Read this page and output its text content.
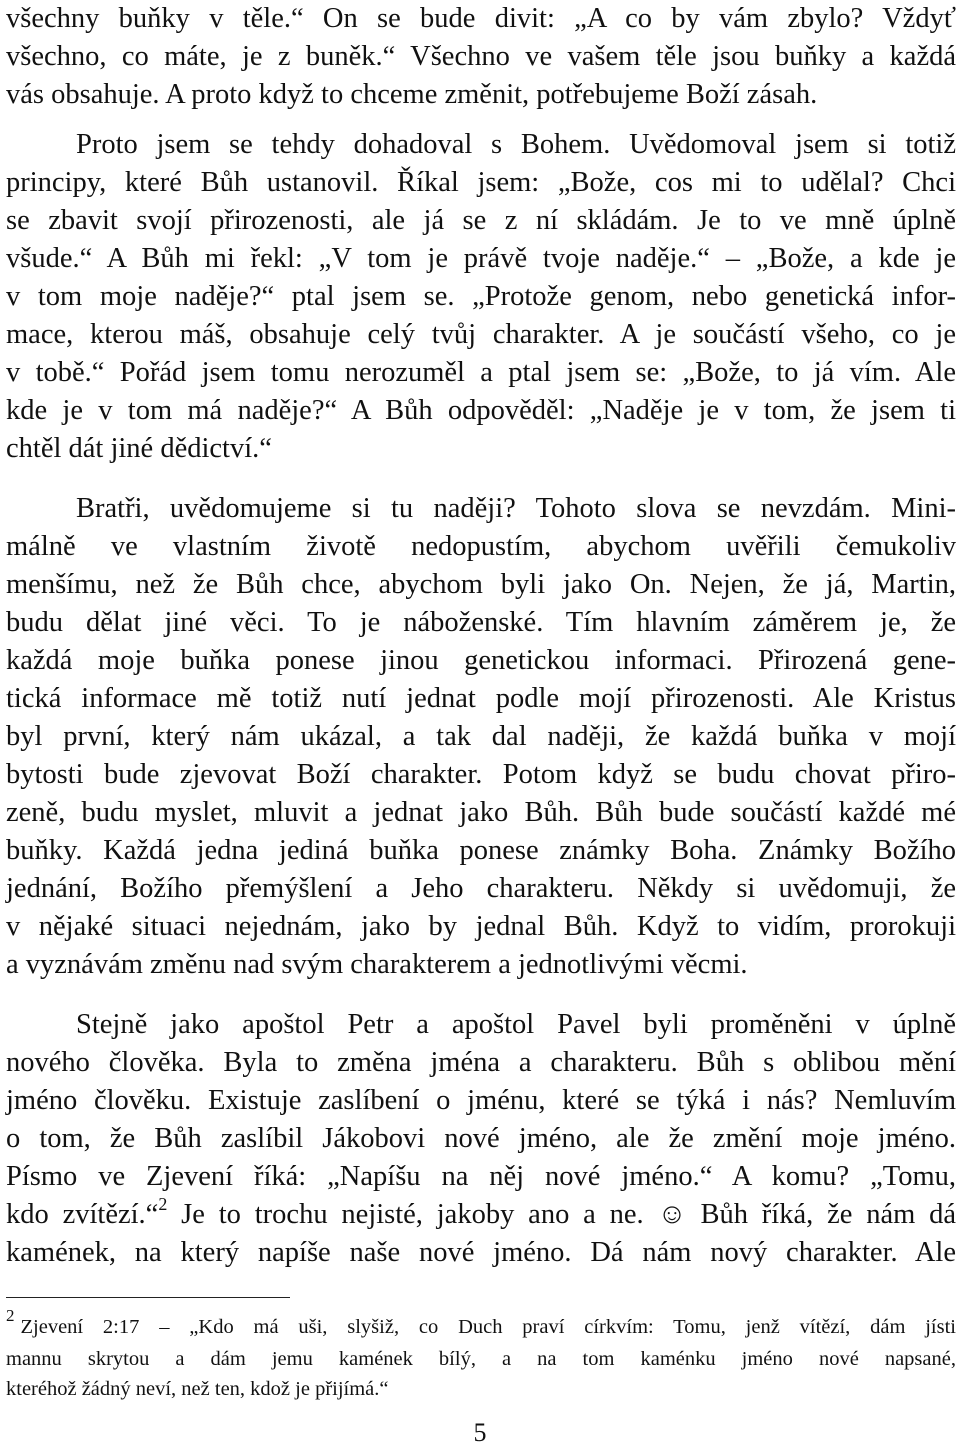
všechny buňky v těle.“ On se bude divit: „A co by vám zbylo? Vždyť
všechno, co máte, je z buněk.“ Všechno ve vašem těle jsou buňky a každá
vás obsahuje. A proto když to chceme změnit, potřebujeme Boží zásah.
Proto jsem se tehdy dohadoval s Bohem. Uvědomoval jsem si totiž
principy, které Bůh ustanovil. Říkal jsem: „Bože, cos mi to udělal? Chci
se zbavit svojí přirozenosti, ale já se z ní skládám. Je to ve mně úplně
všude.“ A Bůh mi řekl: „V tom je právě tvoje naděje.“ – „Bože, a kde je
v tom moje naděje?“ ptal jsem se. „Protože genom, nebo genetická infor-
mace, kterou máš, obsahuje celý tvůj charakter. A je součástí všeho, co je
v tobě.“ Pořád jsem tomu nerozuměl a ptal jsem se: „Bože, to já vím. Ale
kde je v tom má naděje?“ A Bůh odpověděl: „Naděje je v tom, že jsem ti
chtěl dát jiné dědictví.“
Bratři, uvědomujeme si tu naději? Tohoto slova se nevzdám. Mini-
málně ve vlastním životě nedopustím, abychom uvěřili čemukoliv
menšímu, než že Bůh chce, abychom byli jako On. Nejen, že já, Martin,
budu dělat jiné věci. To je náboženské. Tím hlavním záměrem je, že
každá moje buňka ponese jinou genetickou informaci. Přirozená gene-
tická informace mě totiž nutí jednat podle mojí přirozenosti. Ale Kristus
byl první, který nám ukázal, a tak dal naději, že každá buňka v mojí
bytosti bude zjevovat Boží charakter. Potom když se budu chovat přiro-
zeně, budu myslet, mluvit a jednat jako Bůh. Bůh bude součástí každé mé
buňky. Každá jedna jediná buňka ponese známky Boha. Známky Božího
jednání, Božího přemýšlení a Jeho charakteru. Někdy si uvědomuji, že
v nějaké situaci nejednám, jako by jednal Bůh. Když to vidím, prorokuji
a vyznávám změnu nad svým charakterem a jednotlivými věcmi.
Stejně jako apoštol Petr a apoštol Pavel byli proměněni v úplně
nového člověka. Byla to změna jména a charakteru. Bůh s oblibou mění
jméno člověku. Existuje zaslíbení o jménu, které se týká i nás? Nemluvím
o tom, že Bůh zaslíbil Jákobovi nové jméno, ale že změní moje jméno.
Písmo ve Zjevení říká: „Napíšu na něj nové jméno.“ A komu? „Tomu,
kdo zvítězí.“$^2$ Je to trochu nejisté, jakoby ano a ne. ☺ Bůh říká, že nám dá
kamének, na který napíše naše nové jméno. Dá nám nový charakter. Ale
$^2$Zjevení 2:17 – „Kdo má uši, slyšiž, co Duch praví církvím: Tomu, jenž vítězí, dám jísti
mannu skrytou a dám jemu kamének bílý, a na tom kaménku jméno nové napsané,
kteréhož žádný neví, než ten, kdož je přijímá.“
5
